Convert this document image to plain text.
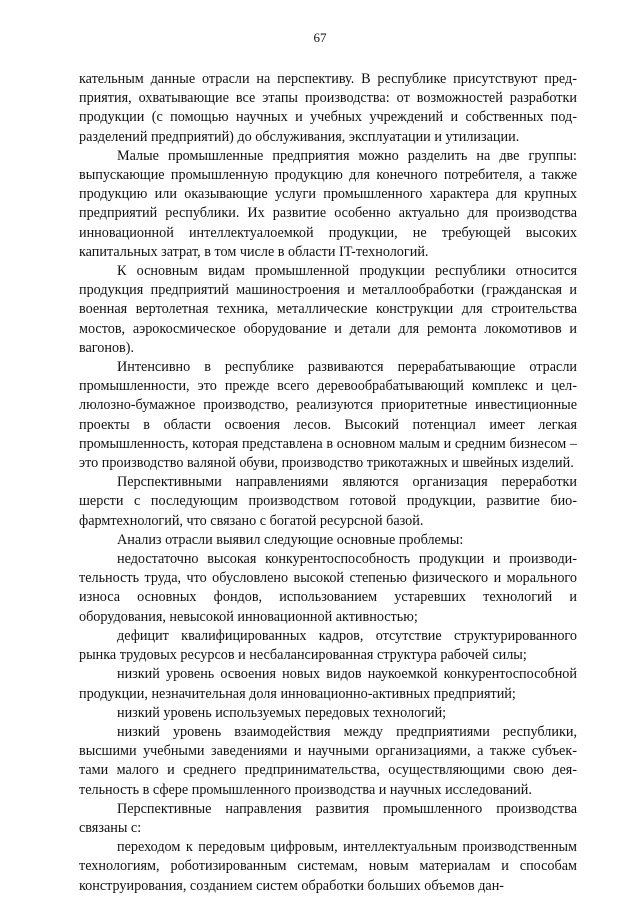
67

кательным данные отрасли на перспективу. В республике присутствуют предприятия, охватывающие все этапы производства: от возможностей разработки продукции (с помощью научных и учебных учреждений и собственных подразделений предприятий) до обслуживания, эксплуатации и утилизации.

Малые промышленные предприятия можно разделить на две группы: выпускающие промышленную продукцию для конечного потребителя, а также продукцию или оказывающие услуги промышленного характера для крупных предприятий республики. Их развитие особенно актуально для производства инновационной интеллектуалоемкой продукции, не требующей высоких капитальных затрат, в том числе в области IT-технологий.

К основным видам промышленной продукции республики относится продукция предприятий машиностроения и металлообработки (гражданская и военная вертолетная техника, металлические конструкции для строительства мостов, аэрокосмическое оборудование и детали для ремонта локомотивов и вагонов).

Интенсивно в республике развиваются перерабатывающие отрасли промышленности, это прежде всего деревообрабатывающий комплекс и целлюлозно-бумажное производство, реализуются приоритетные инвестиционные проекты в области освоения лесов. Высокий потенциал имеет легкая промышленность, которая представлена в основном малым и средним бизнесом – это производство валяной обуви, производство трикотажных и швейных изделий.

Перспективными направлениями являются организация переработки шерсти с последующим производством готовой продукции, развитие биофармтехнологий, что связано с богатой ресурсной базой.

Анализ отрасли выявил следующие основные проблемы:

недостаточно высокая конкурентоспособность продукции и производительность труда, что обусловлено высокой степенью физического и морального износа основных фондов, использованием устаревших технологий и оборудования, невысокой инновационной активностью;

дефицит квалифицированных кадров, отсутствие структурированного рынка трудовых ресурсов и несбалансированная структура рабочей силы;

низкий уровень освоения новых видов наукоемкой конкурентоспособной продукции, незначительная доля инновационно-активных предприятий;

низкий уровень используемых передовых технологий;

низкий уровень взаимодействия между предприятиями республики, высшими учебными заведениями и научными организациями, а также субъектами малого и среднего предпринимательства, осуществляющими свою деятельность в сфере промышленного производства и научных исследований.

Перспективные направления развития промышленного производства связаны с:

переходом к передовым цифровым, интеллектуальным производственным технологиям, роботизированным системам, новым материалам и способам конструирования, созданием систем обработки больших объемов дан-
